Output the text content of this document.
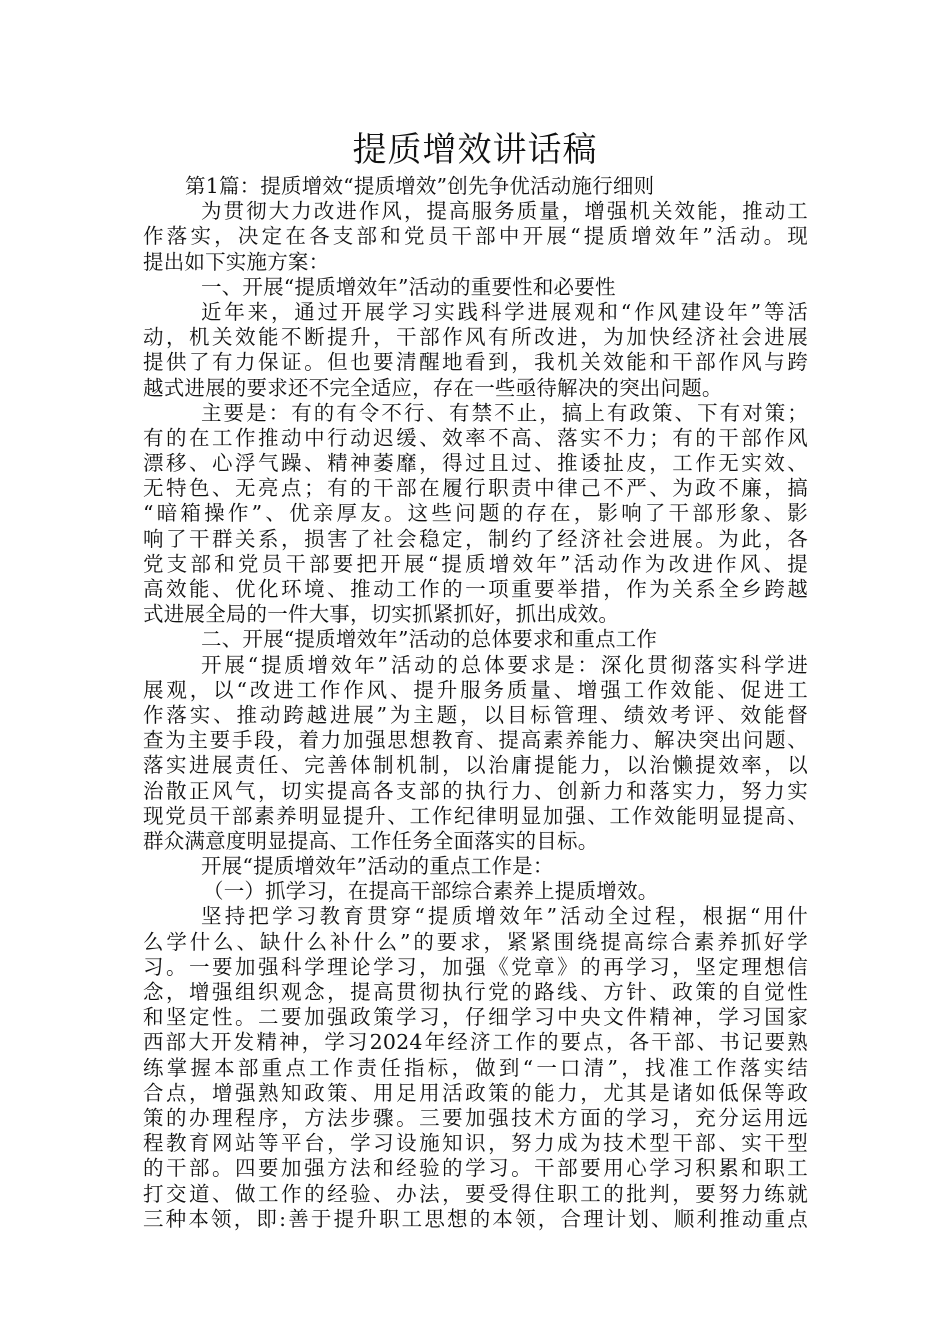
提质增效讲话稿
第1篇：提质增效“提质增效”创先争优活动施行细则
为贯彻大力改进作风，提高服务质量，增强机关效能，推动工
作落实，决定在各支部和党员干部中开展“提质增效年”活动。现
提出如下实施方案：
一、开展“提质增效年”活动的重要性和必要性
近年来，通过开展学习实践科学进展观和“作风建设年”等活
动，机关效能不断提升，干部作风有所改进，为加快经济社会进展
提供了有力保证。但也要清醒地看到，我机关效能和干部作风与跨
越式进展的要求还不完全适应，存在一些亟待解决的突出问题。
主要是：有的有令不行、有禁不止，搞上有政策、下有对策；
有的在工作推动中行动迟缓、效率不高、落实不力；有的干部作风
漂移、心浮气躁、精神萎靡，得过且过、推诿扯皮，工作无实效、
无特色、无亮点；有的干部在履行职责中律己不严、为政不廉，搞
“暗箱操作”、优亲厚友。这些问题的存在，影响了干部形象、影
响了干群关系，损害了社会稳定，制约了经济社会进展。为此，各
党支部和党员干部要把开展“提质增效年”活动作为改进作风、提
高效能、优化环境、推动工作的一项重要举措，作为关系全乡跨越
式进展全局的一件大事，切实抓紧抓好，抓出成效。
二、开展“提质增效年”活动的总体要求和重点工作
开展“提质增效年”活动的总体要求是：深化贯彻落实科学进
展观，以“改进工作作风、提升服务质量、增强工作效能、促进工
作落实、推动跨越进展”为主题，以目标管理、绩效考评、效能督
查为主要手段，着力加强思想教育、提高素养能力、解决突出问题、
落实进展责任、完善体制机制，以治庸提能力，以治懒提效率，以
治散正风气，切实提高各支部的执行力、创新力和落实力，努力实
现党员干部素养明显提升、工作纪律明显加强、工作效能明显提高、
群众满意度明显提高、工作任务全面落实的目标。
开展“提质增效年”活动的重点工作是：
（一）抓学习，在提高干部综合素养上提质增效。
坚持把学习教育贯穿“提质增效年”活动全过程，根据“用什
么学什么、缺什么补什么”的要求，紧紧围绕提高综合素养抓好学
习。一要加强科学理论学习，加强《党章》的再学习，坚定理想信
念，增强组织观念，提高贯彻执行党的路线、方针、政策的自觉性
和坚定性。二要加强政策学习，仔细学习中央文件精神，学习国家
西部大开发精神，学习2024年经济工作的要点，各干部、书记要熟
练掌握本部重点工作责任指标，做到“一口清”，找准工作落实结
合点，增强熟知政策、用足用活政策的能力，尤其是诸如低保等政
策的办理程序，方法步骤。三要加强技术方面的学习，充分运用远
程教育网站等平台，学习设施知识，努力成为技术型干部、实干型
的干部。四要加强方法和经验的学习。干部要用心学习积累和职工
打交道、做工作的经验、办法，要受得住职工的批判，要努力练就
三种本领，即:善于提升职工思想的本领，合理计划、顺利推动重点
